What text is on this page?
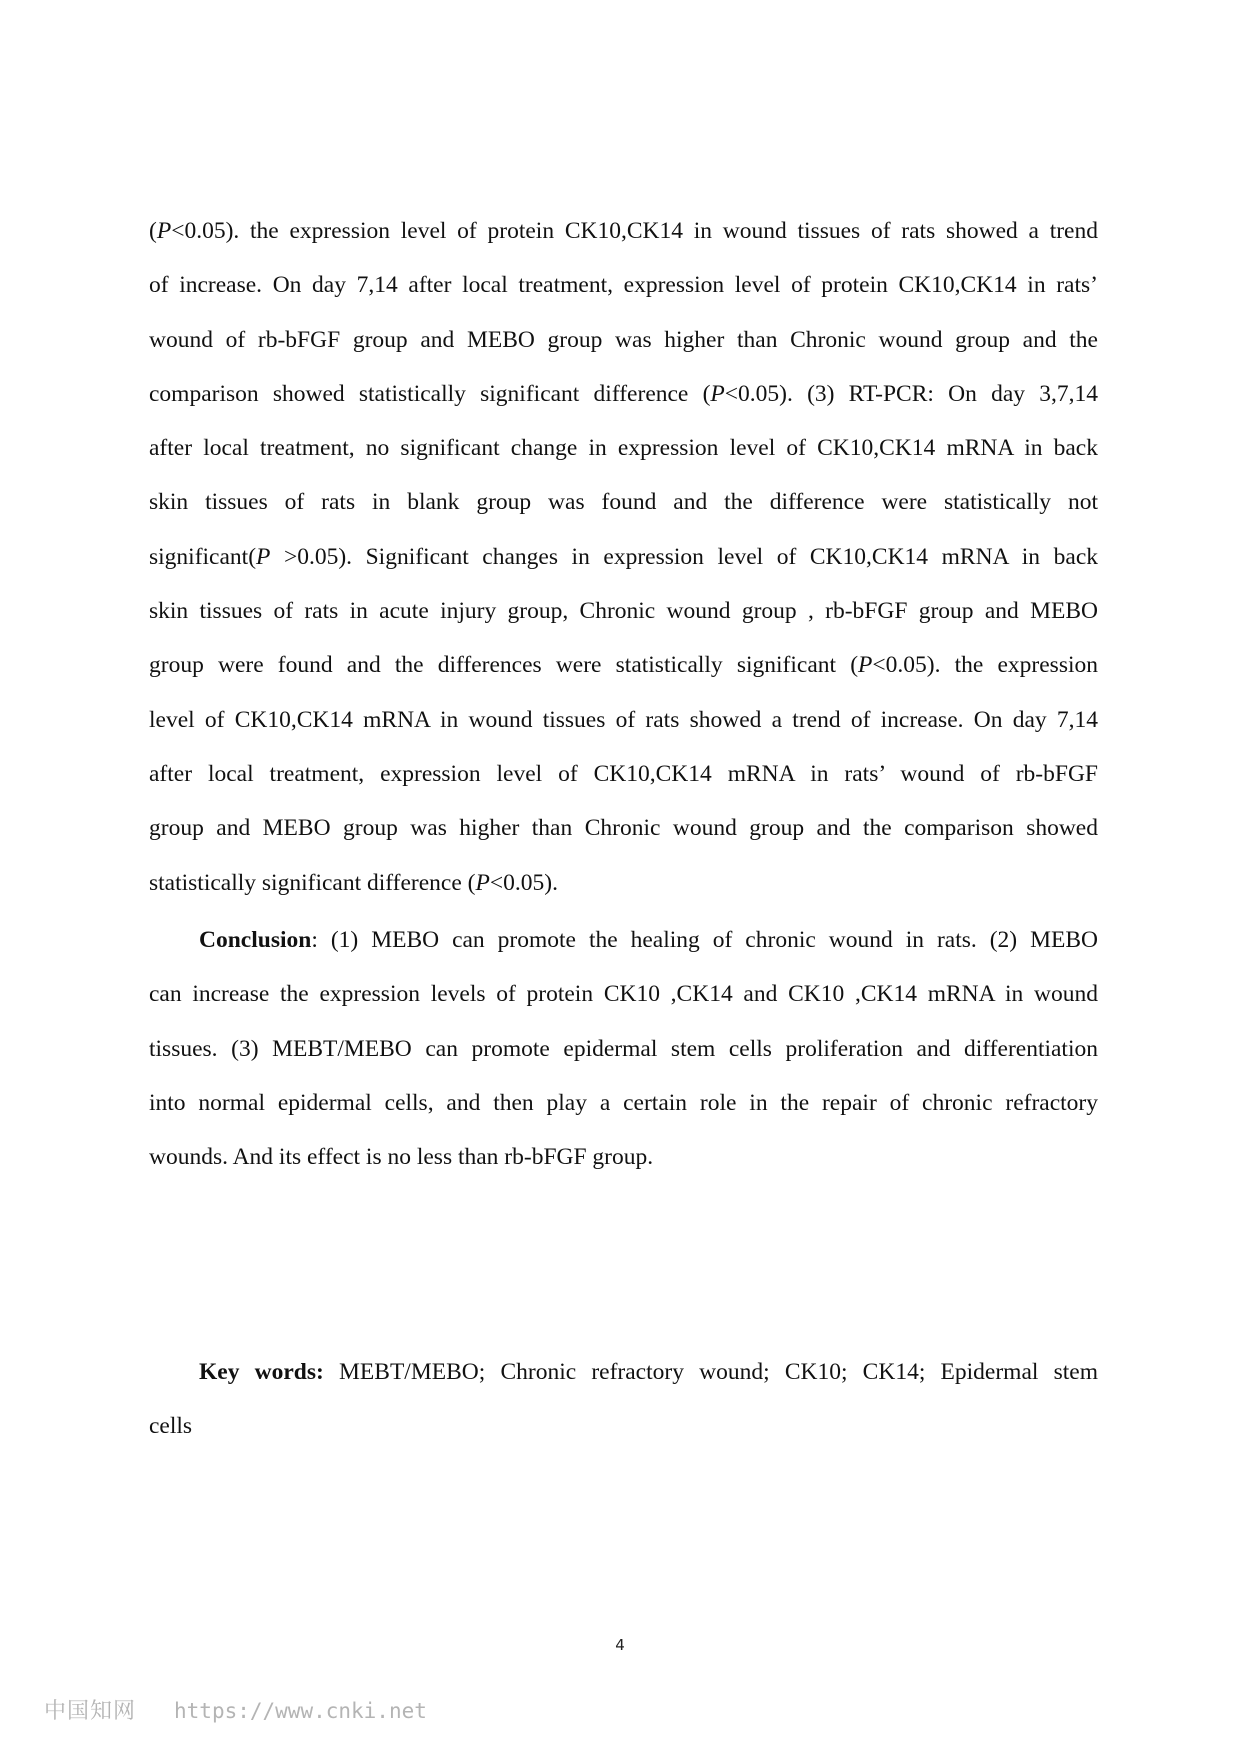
(P<0.05). the expression level of protein CK10,CK14 in wound tissues of rats showed a trend
of increase. On day 7,14 after local treatment, expression level of protein CK10,CK14 in rats’
wound of rb-bFGF group and MEBO group was higher than Chronic wound group and the
comparison showed statistically significant difference (P<0.05). (3) RT-PCR: On day 3,7,14
after local treatment, no significant change in expression level of CK10,CK14 mRNA in back
skin tissues of rats in blank group was found and the difference were statistically not
significant(P >0.05). Significant changes in expression level of CK10,CK14 mRNA in back
skin tissues of rats in acute injury group, Chronic wound group , rb-bFGF group and MEBO
group were found and the differences were statistically significant (P<0.05). the expression
level of CK10,CK14 mRNA in wound tissues of rats showed a trend of increase. On day 7,14
after local treatment, expression level of CK10,CK14 mRNA in rats’ wound of rb-bFGF
group and MEBO group was higher than Chronic wound group and the comparison showed
statistically significant difference (P<0.05).
Conclusion: (1) MEBO can promote the healing of chronic wound in rats. (2) MEBO
can increase the expression levels of protein CK10 ,CK14 and CK10 ,CK14 mRNA in wound
tissues. (3) MEBT/MEBO can promote epidermal stem cells proliferation and differentiation
into normal epidermal cells, and then play a certain role in the repair of chronic refractory
wounds. And its effect is no less than rb-bFGF group.
Key words: MEBT/MEBO; Chronic refractory wound; CK10; CK14; Epidermal stem
cells
4
中国知网 https://www.cnki.net
